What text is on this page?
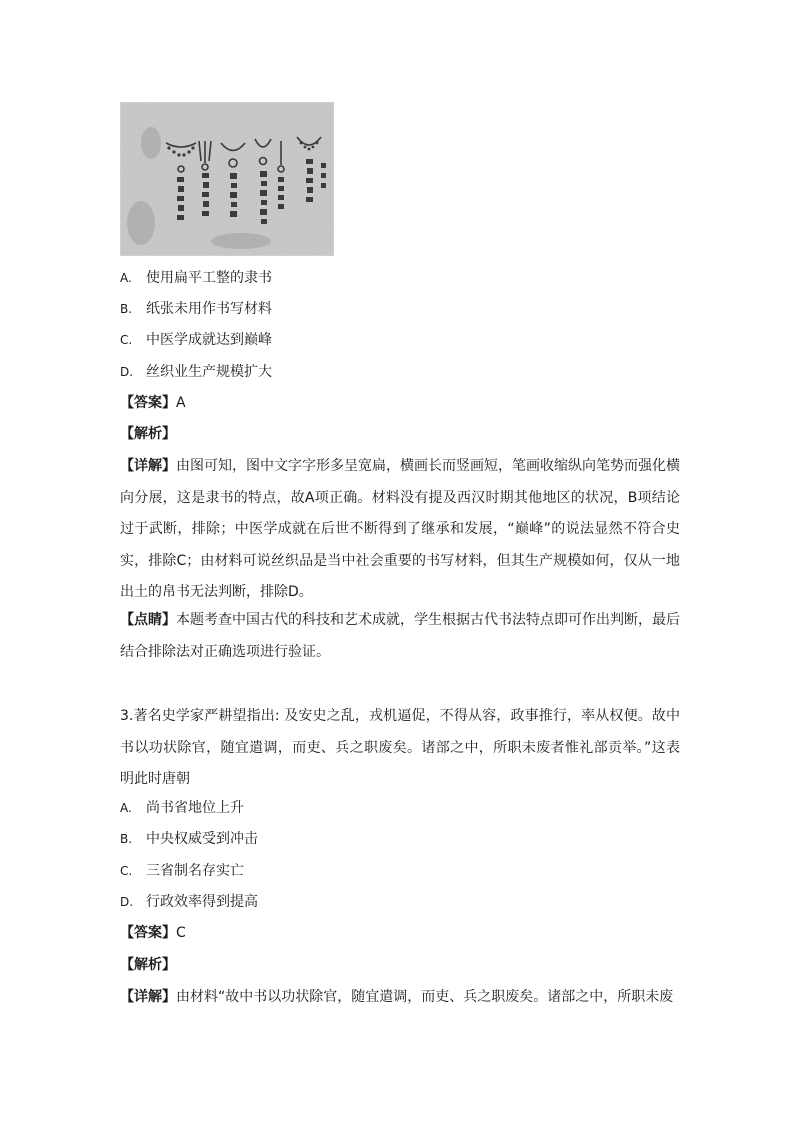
A. 使用扁平工整的隶书
B. 纸张未用作书写材料
C. 中医学成就达到巅峰
D. 丝织业生产规模扩大
【答案】A
【解析】
【详解】由图可知，图中文字字形多呈宽扁，横画长而竖画短，笔画收缩纵向笔势而强化横向分展，这是隶书的特点，故A项正确。材料没有提及西汉时期其他地区的状况，B项结论过于武断，排除；中医学成就在后世不断得到了继承和发展，“巅峰”的说法显然不符合史实，排除C；由材料可说丝织品是当中社会重要的书写材料，但其生产规模如何，仅从一地出土的帛书无法判断，排除D。
【点睛】本题考查中国古代的科技和艺术成就，学生根据古代书法特点即可作出判断，最后结合排除法对正确选项进行验证。
3.著名史学家严耕望指出: 及安史之乱，戎机逼促，不得从容，政事推行，率从权便。故中书以功状除官，随宜遣调，而吏、兵之职废矣。诸部之中，所职未废者惟礼部贡举。”这表明此时唐朝
A. 尚书省地位上升
B. 中央权威受到冲击
C. 三省制名存实亡
D. 行政效率得到提高
【答案】C
【解析】
【详解】由材料“故中书以功状除官，随宜遣调，而吏、兵之职废矣。诸部之中，所职未废
